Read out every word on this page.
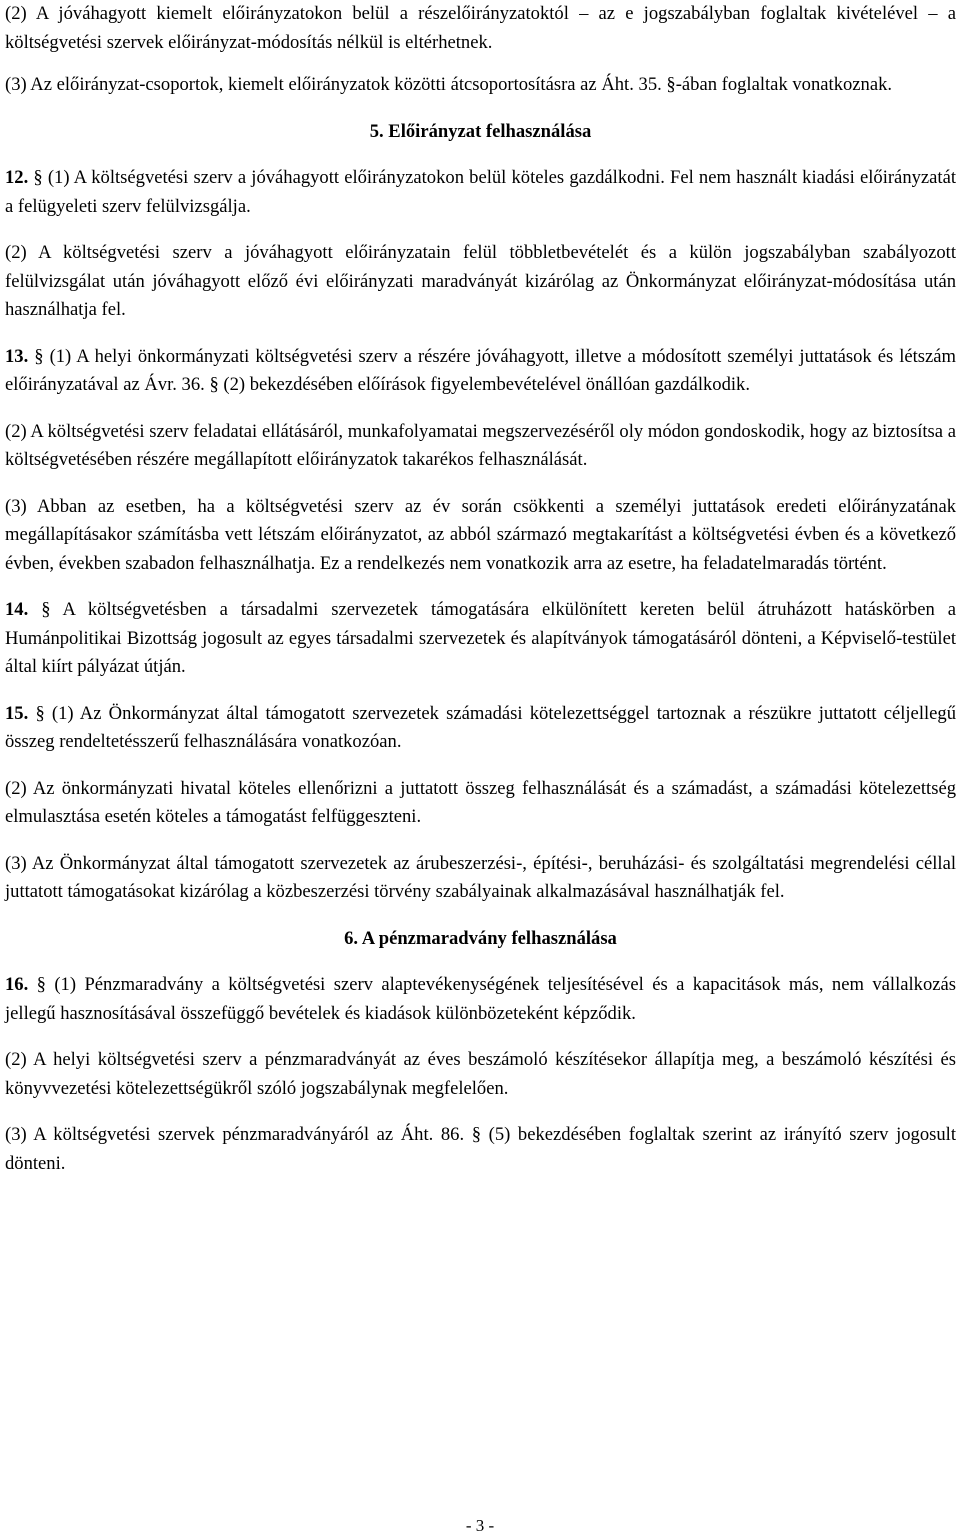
(2) A jóváhagyott kiemelt előirányzatokon belül a részelőirányzatoktól – az e jogszabályban foglaltak kivételével – a költségvetési szervek előirányzat-módosítás nélkül is eltérhetnek.

(3) Az előirányzat-csoportok, kiemelt előirányzatok közötti átcsoportosításra az Áht. 35. §-ában foglaltak vonatkoznak.

5. Előirányzat felhasználása

12. § (1) A költségvetési szerv a jóváhagyott előirányzatokon belül köteles gazdálkodni. Fel nem használt kiadási előirányzatát a felügyeleti szerv felülvizsgálja.

(2) A költségvetési szerv a jóváhagyott előirányzatain felül többletbevételét és a külön jogszabályban szabályozott felülvizsgálat után jóváhagyott előző évi előirányzati maradványát kizárólag az Önkormányzat előirányzat-módosítása után használhatja fel.

13. § (1) A helyi önkormányzati költségvetési szerv a részére jóváhagyott, illetve a módosított személyi juttatások és létszám előirányzatával az Ávr. 36. § (2) bekezdésében előírások figyelembevételével önállóan gazdálkodik.

(2) A költségvetési szerv feladatai ellátásáról, munkafolyamatai megszervezéséről oly módon gondoskodik, hogy az biztosítsa a költségvetésében részére megállapított előirányzatok takarékos felhasználását.

(3) Abban az esetben, ha a költségvetési szerv az év során csökkenti a személyi juttatások eredeti előirányzatának megállapításakor számításba vett létszám előirányzatot, az abból származó megtakarítást a költségvetési évben és a következő évben, években szabadon felhasználhatja. Ez a rendelkezés nem vonatkozik arra az esetre, ha feladatelmaradás történt.

14. § A költségvetésben a társadalmi szervezetek támogatására elkülönített kereten belül átruházott hatáskörben a Humánpolitikai Bizottság jogosult az egyes társadalmi szervezetek és alapítványok támogatásáról dönteni, a Képviselő-testület által kiírt pályázat útján.

15. § (1) Az Önkormányzat által támogatott szervezetek számadási kötelezettséggel tartoznak a részükre juttatott céljellegű összeg rendeltetésszerű felhasználására vonatkozóan.

(2) Az önkormányzati hivatal köteles ellenőrizni a juttatott összeg felhasználását és a számadást, a számadási kötelezettség elmulasztása esetén köteles a támogatást felfüggeszteni.

(3) Az Önkormányzat által támogatott szervezetek az árubeszerzési-, építési-, beruházási- és szolgáltatási megrendelési céllal juttatott támogatásokat kizárólag a közbeszerzési törvény szabályainak alkalmazásával használhatják fel.

6. A pénzmaradvány felhasználása

16. § (1) Pénzmaradvány a költségvetési szerv alaptevékenységének teljesítésével és a kapacitások más, nem vállalkozás jellegű hasznosításával összefüggő bevételek és kiadások különbözeteként képződik.

(2) A helyi költségvetési szerv a pénzmaradványát az éves beszámoló készítésekor állapítja meg, a beszámoló készítési és könyvvezetési kötelezettségükről szóló jogszabálynak megfelelően.

(3) A költségvetési szervek pénzmaradványáról az Áht. 86. § (5) bekezdésében foglaltak szerint az irányító szerv jogosult dönteni.

- 3 -
